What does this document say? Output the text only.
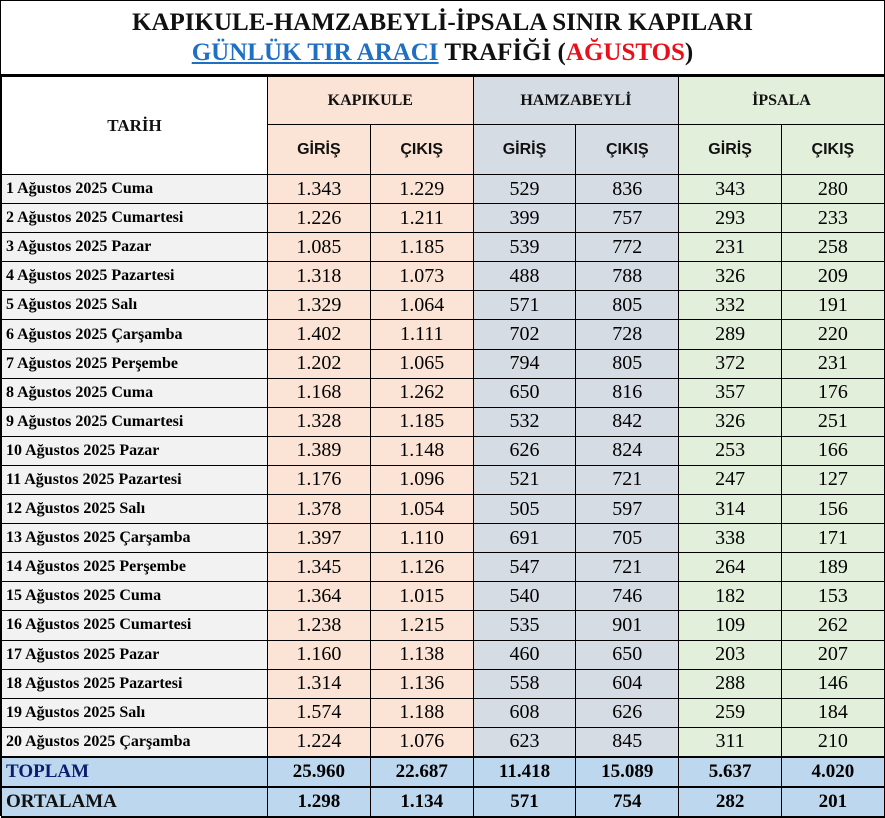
KAPIKULE-HAMZABEYLİ-İPSALA SINIR KAPILARI
GÜNLÜK TIR ARACI TRAFİĞİ (AĞUSTOS)
TARİH	KAPIKULE		HAMZABEYLİ		İPSALA	
	GİRİŞ	ÇIKIŞ	GİRİŞ	ÇIKIŞ	GİRİŞ	ÇIKIŞ
1 Ağustos 2025 Cuma	1.343	1.229	529	836	343	280
2 Ağustos 2025 Cumartesi	1.226	1.211	399	757	293	233
3 Ağustos 2025 Pazar	1.085	1.185	539	772	231	258
4 Ağustos 2025 Pazartesi	1.318	1.073	488	788	326	209
5 Ağustos 2025 Salı	1.329	1.064	571	805	332	191
6 Ağustos 2025 Çarşamba	1.402	1.111	702	728	289	220
7 Ağustos 2025 Perşembe	1.202	1.065	794	805	372	231
8 Ağustos 2025 Cuma	1.168	1.262	650	816	357	176
9 Ağustos 2025 Cumartesi	1.328	1.185	532	842	326	251
10 Ağustos 2025 Pazar	1.389	1.148	626	824	253	166
11 Ağustos 2025 Pazartesi	1.176	1.096	521	721	247	127
12 Ağustos 2025 Salı	1.378	1.054	505	597	314	156
13 Ağustos 2025 Çarşamba	1.397	1.110	691	705	338	171
14 Ağustos 2025 Perşembe	1.345	1.126	547	721	264	189
15 Ağustos 2025 Cuma	1.364	1.015	540	746	182	153
16 Ağustos 2025 Cumartesi	1.238	1.215	535	901	109	262
17 Ağustos 2025 Pazar	1.160	1.138	460	650	203	207
18 Ağustos 2025 Pazartesi	1.314	1.136	558	604	288	146
19 Ağustos 2025 Salı	1.574	1.188	608	626	259	184
20 Ağustos 2025 Çarşamba	1.224	1.076	623	845	311	210
TOPLAM	25.960	22.687	11.418	15.089	5.637	4.020
ORTALAMA	1.298	1.134	571	754	282	201
